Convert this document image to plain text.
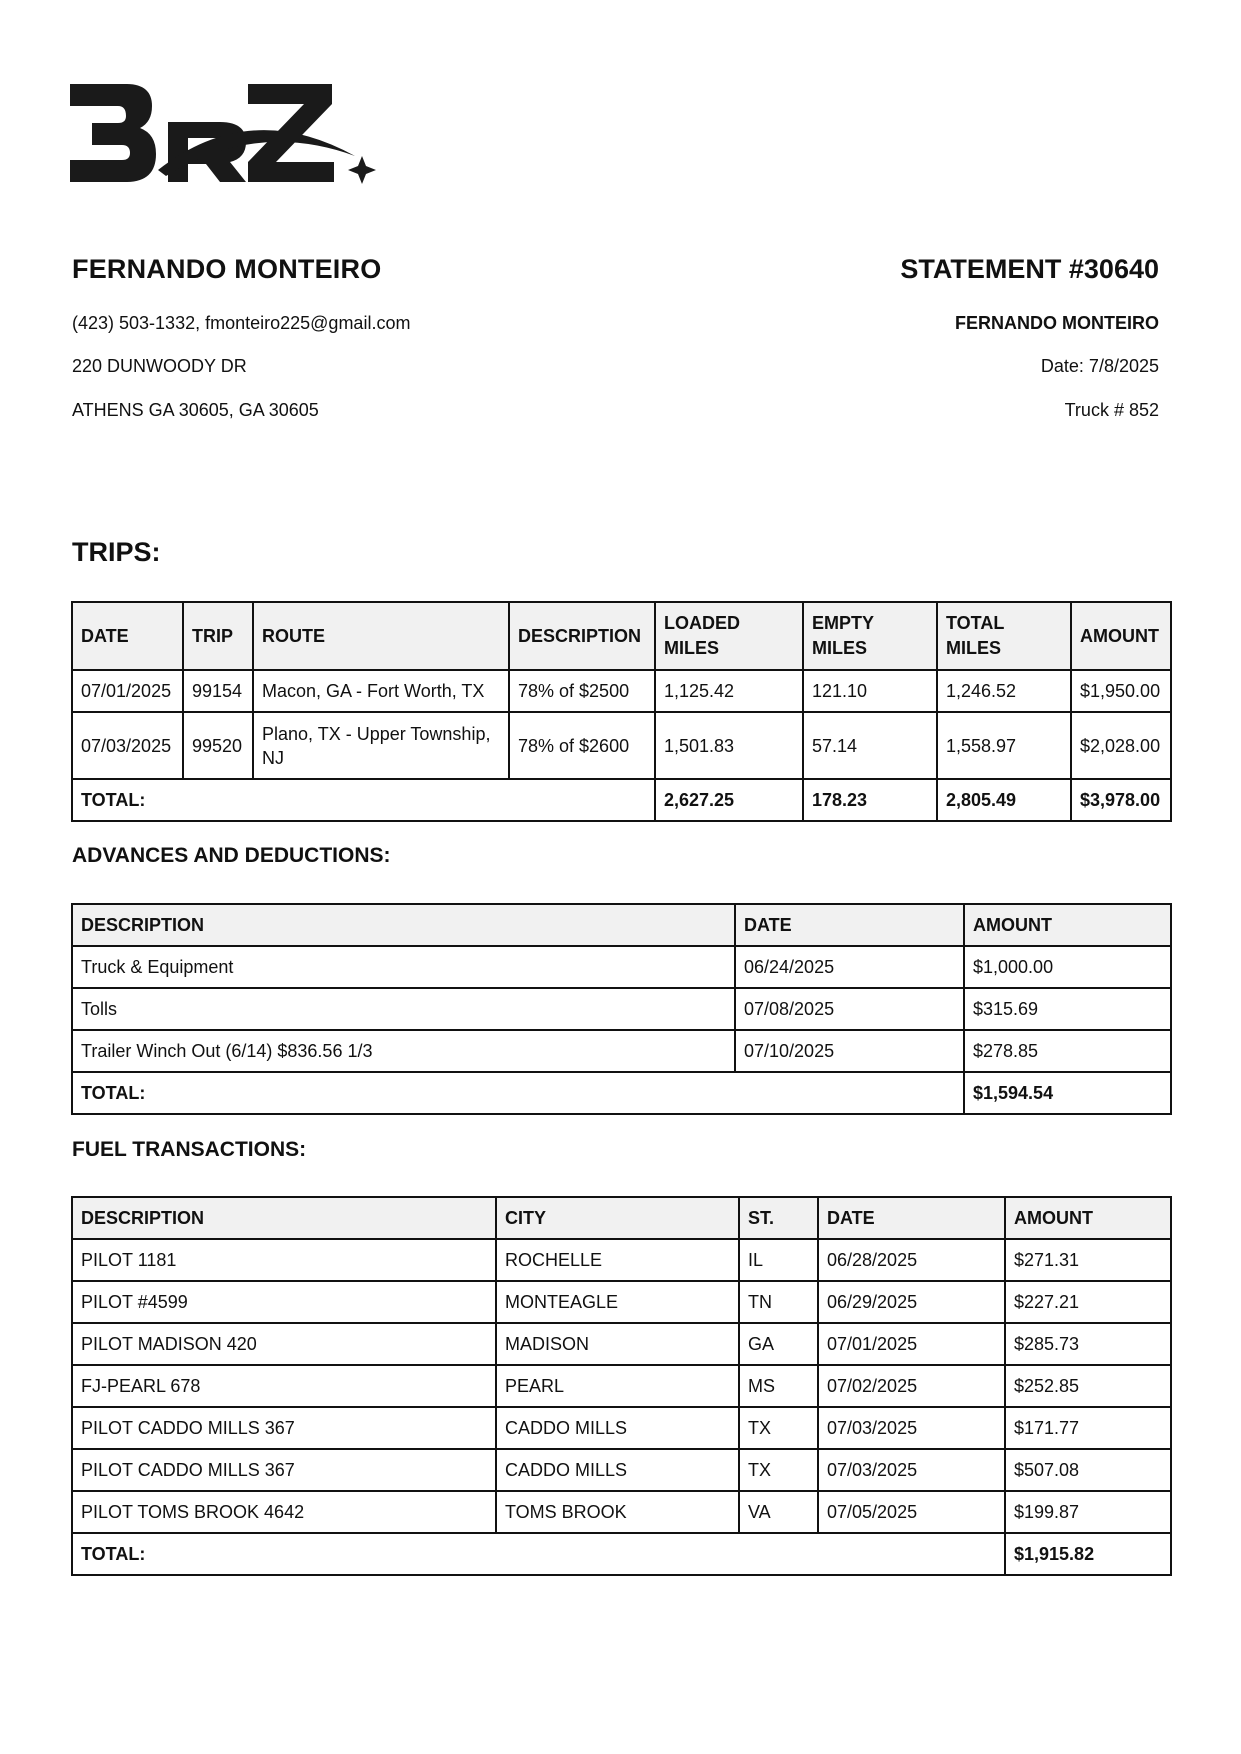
FERNANDO MONTEIRO	STATEMENT #30640
(423) 503-1332, fmonteiro225@gmail.com
220 DUNWOODY DR
ATHENS GA 30605, GA 30605
FERNANDO MONTEIRO
Date: 7/8/2025
Truck # 852
TRIPS:
DATE	TRIP	ROUTE	DESCRIPTION	LOADED MILES	EMPTY MILES	TOTAL MILES	AMOUNT
07/01/2025	99154	Macon, GA - Fort Worth, TX	78% of $2500	1,125.42	121.10	1,246.52	$1,950.00
07/03/2025	99520	Plano, TX - Upper Township, NJ	78% of $2600	1,501.83	57.14	1,558.97	$2,028.00
TOTAL:				2,627.25	178.23	2,805.49	$3,978.00
ADVANCES AND DEDUCTIONS:
DESCRIPTION	DATE	AMOUNT
Truck & Equipment	06/24/2025	$1,000.00
Tolls	07/08/2025	$315.69
Trailer Winch Out (6/14) $836.56 1/3	07/10/2025	$278.85
TOTAL:		$1,594.54
FUEL TRANSACTIONS:
DESCRIPTION	CITY	ST.	DATE	AMOUNT
PILOT 1181	ROCHELLE	IL	06/28/2025	$271.31
PILOT #4599	MONTEAGLE	TN	06/29/2025	$227.21
PILOT MADISON 420	MADISON	GA	07/01/2025	$285.73
FJ-PEARL 678	PEARL	MS	07/02/2025	$252.85
PILOT CADDO MILLS 367	CADDO MILLS	TX	07/03/2025	$171.77
PILOT CADDO MILLS 367	CADDO MILLS	TX	07/03/2025	$507.08
PILOT TOMS BROOK 4642	TOMS BROOK	VA	07/05/2025	$199.87
TOTAL:				$1,915.82
